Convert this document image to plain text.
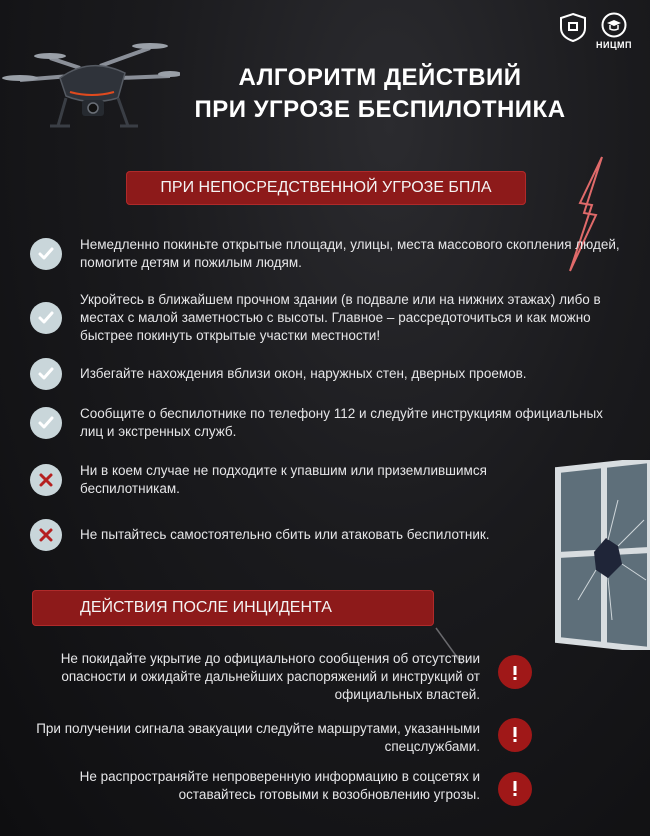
НИЦМП
АЛГОРИТМ ДЕЙСТВИЙ
ПРИ УГРОЗЕ БЕСПИЛОТНИКА
ПРИ НЕПОСРЕДСТВЕННОЙ УГРОЗЕ БПЛА
Немедленно покиньте открытые площади, улицы, места массового скопления людей, помогите детям и пожилым людям.
Укройтесь в ближайшем прочном здании (в подвале или на нижних этажах) либо в местах с малой заметностью с высоты. Главное – рассредоточиться и как можно быстрее покинуть открытые участки местности!
Избегайте нахождения вблизи окон, наружных стен, дверных проемов.
Сообщите о беспилотнике по телефону 112 и следуйте инструкциям официальных лиц и экстренных служб.
Ни в коем случае не подходите к упавшим или приземлившимся беспилотникам.
Не пытайтесь самостоятельно сбить или атаковать беспилотник.
ДЕЙСТВИЯ ПОСЛЕ ИНЦИДЕНТА
Не покидайте укрытие до официального сообщения об отсутствии опасности и ожидайте дальнейших распоряжений и инструкций от официальных властей.
При получении сигнала эвакуации следуйте маршрутами, указанными спецслужбами.
Не распространяйте непроверенную информацию в соцсетях и оставайтесь готовыми к возобновлению угрозы.
